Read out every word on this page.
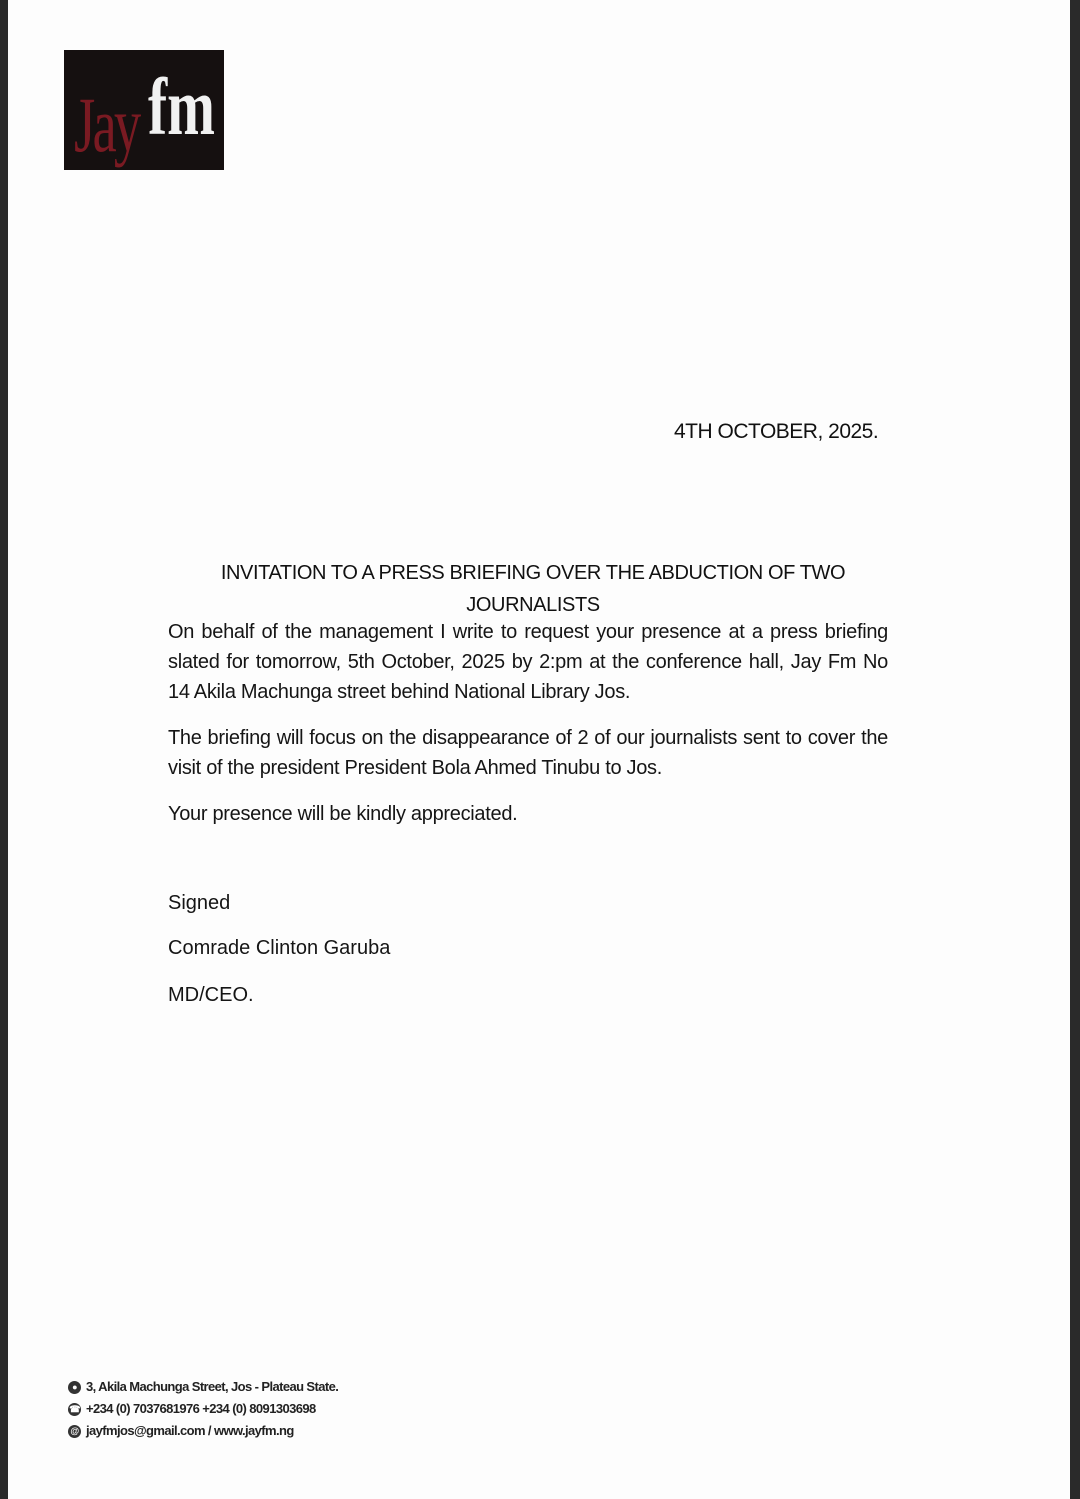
Jay fm
4TH OCTOBER, 2025.
INVITATION TO A PRESS BRIEFING OVER THE ABDUCTION OF TWO JOURNALISTS

On behalf of the management I write to request your presence at a press briefing slated for tomorrow, 5th October, 2025 by 2:pm at the conference hall, Jay Fm No 14 Akila Machunga street behind National Library Jos.

The briefing will focus on the disappearance of 2 of our journalists sent to cover the visit of the president President Bola Ahmed Tinubu to Jos.

Your presence will be kindly appreciated.

Signed
Comrade Clinton Garuba
MD/CEO.
● 3, Akila Machunga Street, Jos - Plateau State.
☎ +234 (0) 7037681976 +234 (0) 8091303698
@ jayfmjos@gmail.com / www.jayfm.ng
